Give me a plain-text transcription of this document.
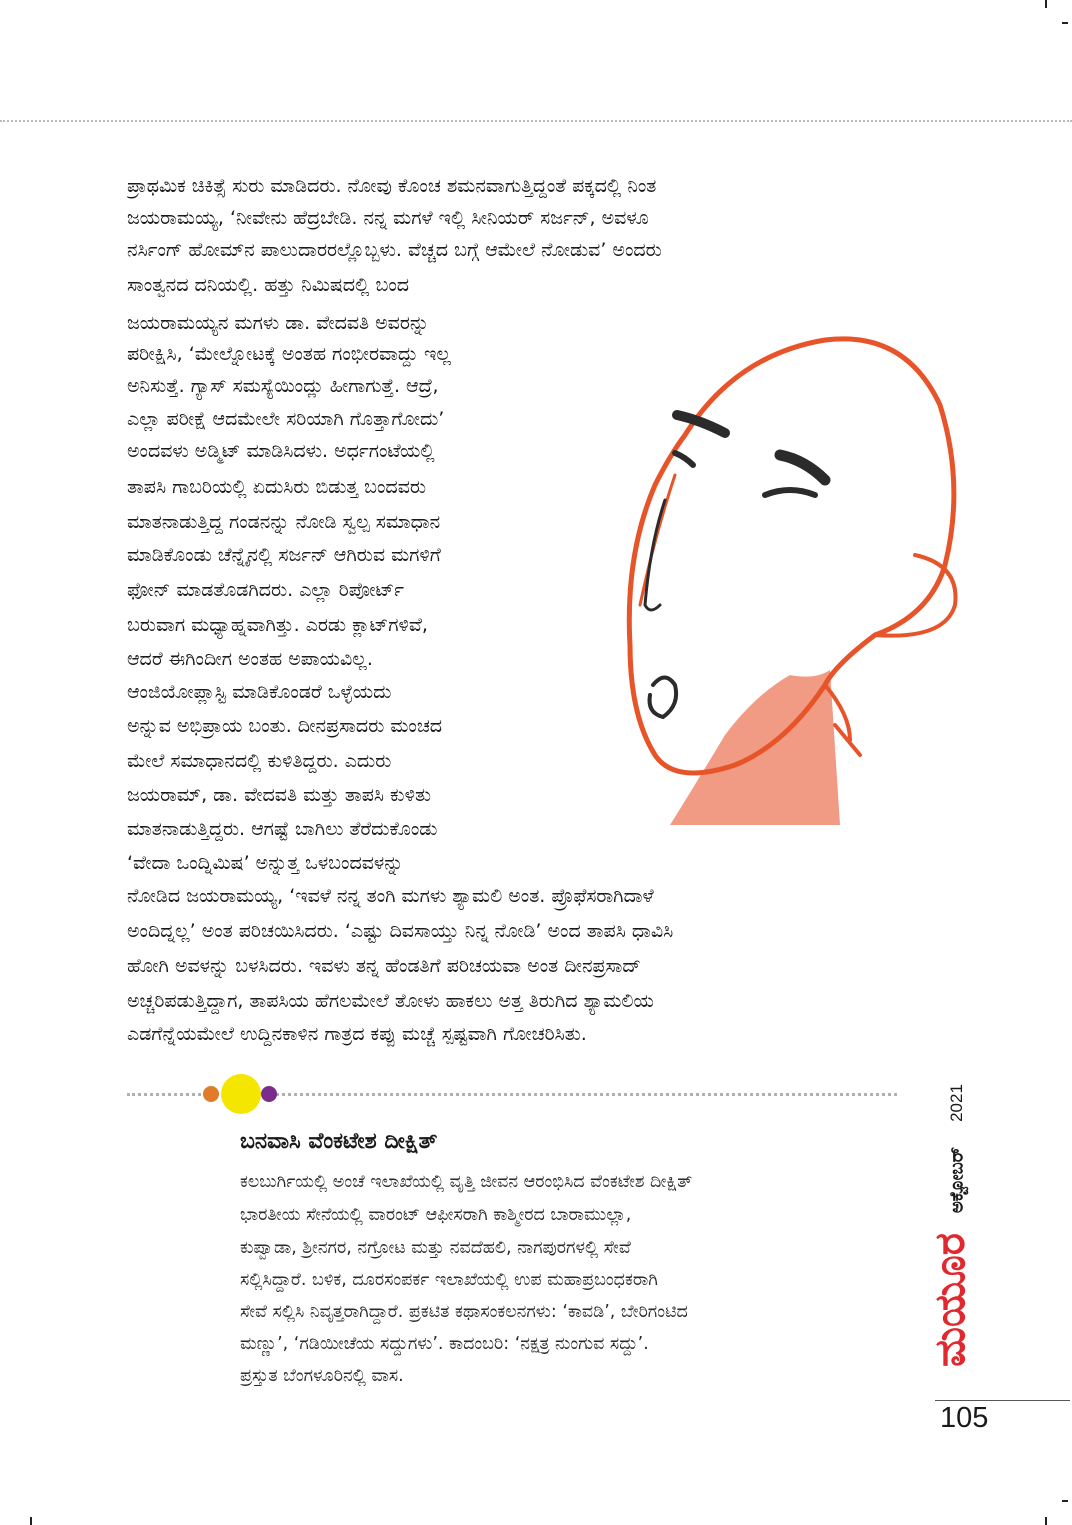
ಪ್ರಾಥಮಿಕ ಚಿಕಿತ್ಸೆ ಸುರು ಮಾಡಿದರು. ನೋವು ಕೊಂಚ ಶಮನವಾಗುತ್ತಿದ್ದಂತೆ ಪಕ್ಕದಲ್ಲಿ ನಿಂತ

ಜಯರಾಮಯ್ಯ, ‘ನೀವೇನು ಹೆದ್ರಬೇಡಿ. ನನ್ನ ಮಗಳೆ ಇಲ್ಲಿ ಸೀನಿಯರ್ ಸರ್ಜನ್, ಅವಳೂ

ನರ್ಸಿಂಗ್ ಹೋಮ್‌ನ ಪಾಲುದಾರರಲ್ಲೊಬ್ಬಳು. ವೆಚ್ಚದ ಬಗ್ಗೆ ಆಮೇಲೆ ನೋಡುವ’ ಅಂದರು

ಸಾಂತ್ವನದ ದನಿಯಲ್ಲಿ. ಹತ್ತು ನಿಮಿಷದಲ್ಲಿ ಬಂದ

ಜಯರಾಮಯ್ಯನ ಮಗಳು ಡಾ. ವೇದವತಿ ಅವರನ್ನು

ಪರೀಕ್ಷಿಸಿ, ‘ಮೇಲ್ನೋಟಕ್ಕೆ ಅಂತಹ ಗಂಭೀರವಾದ್ದು ಇಲ್ಲ

ಅನಿಸುತ್ತೆ. ಗ್ಯಾಸ್ ಸಮಸ್ಯೆಯಿಂದ್ಲು ಹೀಗಾಗುತ್ತೆ. ಆದ್ರೆ,

ಎಲ್ಲಾ ಪರೀಕ್ಷೆ ಆದಮೇಲೇ ಸರಿಯಾಗಿ ಗೊತ್ತಾಗೋದು’

ಅಂದವಳು ಅಡ್ಮಿಟ್ ಮಾಡಿಸಿದಳು. ಅರ್ಧಗಂಟೆಯಲ್ಲಿ

ತಾಪಸಿ ಗಾಬರಿಯಲ್ಲಿ ಏದುಸಿರು ಬಿಡುತ್ತ ಬಂದವರು

ಮಾತನಾಡುತ್ತಿದ್ದ ಗಂಡನನ್ನು ನೋಡಿ ಸ್ವಲ್ಪ ಸಮಾಧಾನ

ಮಾಡಿಕೊಂಡು ಚೆನ್ನೈನಲ್ಲಿ ಸರ್ಜನ್ ಆಗಿರುವ ಮಗಳಿಗೆ

ಫೋನ್ ಮಾಡತೊಡಗಿದರು. ಎಲ್ಲಾ ರಿಪೋರ್ಟ್

ಬರುವಾಗ ಮಧ್ಯಾಹ್ನವಾಗಿತ್ತು. ಎರಡು ಕ್ಲಾಟ್‌ಗಳಿವೆ,

ಆದರೆ ಈಗಿಂದೀಗ ಅಂತಹ ಅಪಾಯವಿಲ್ಲ.

ಆಂಜಿಯೋಪ್ಲಾಸ್ಟಿ ಮಾಡಿಕೊಂಡರೆ ಒಳ್ಳೆಯದು

ಅನ್ನುವ ಅಭಿಪ್ರಾಯ ಬಂತು. ದೀನಪ್ರಸಾದರು ಮಂಚದ

ಮೇಲೆ ಸಮಾಧಾನದಲ್ಲಿ ಕುಳಿತಿದ್ದರು. ಎದುರು

ಜಯರಾಮ್, ಡಾ. ವೇದವತಿ ಮತ್ತು ತಾಪಸಿ ಕುಳಿತು

ಮಾತನಾಡುತ್ತಿದ್ದರು. ಆಗಷ್ಟೆ ಬಾಗಿಲು ತೆರೆದುಕೊಂಡು

‘ವೇದಾ ಒಂದ್ನಿಮಿಷ’ ಅನ್ನುತ್ತ ಒಳಬಂದವಳನ್ನು

ನೋಡಿದ ಜಯರಾಮಯ್ಯ, ‘ಇವಳೆ ನನ್ನ ತಂಗಿ ಮಗಳು ಶ್ಯಾಮಲಿ ಅಂತ. ಪ್ರೊಫೆಸರಾಗಿದಾಳೆ

ಅಂದಿದ್ನಲ್ಲ’ ಅಂತ ಪರಿಚಯಿಸಿದರು. ‘ಎಷ್ಟು ದಿವಸಾಯ್ತು ನಿನ್ನ ನೋಡಿ’ ಅಂದ ತಾಪಸಿ ಧಾವಿಸಿ

ಹೋಗಿ ಅವಳನ್ನು ಬಳಸಿದರು. ಇವಳು ತನ್ನ ಹೆಂಡತಿಗೆ ಪರಿಚಯವಾ ಅಂತ ದೀನಪ್ರಸಾದ್

ಅಚ್ಚರಿಪಡುತ್ತಿದ್ದಾಗ, ತಾಪಸಿಯ ಹೆಗಲಮೇಲೆ ತೋಳು ಹಾಕಲು ಅತ್ತ ತಿರುಗಿದ ಶ್ಯಾಮಲಿಯ

ಎಡಗೆನ್ನೆಯಮೇಲೆ ಉದ್ದಿನಕಾಳಿನ ಗಾತ್ರದ ಕಪ್ಪು ಮಚ್ಚೆ ಸ್ಪಷ್ಟವಾಗಿ ಗೋಚರಿಸಿತು.

ಬನವಾಸಿ ವೆಂಕಟೇಶ ದೀಕ್ಷಿತ್

ಕಲಬುರ್ಗಿಯಲ್ಲಿ ಅಂಚೆ ಇಲಾಖೆಯಲ್ಲಿ ವೃತ್ತಿ ಜೀವನ ಆರಂಭಿಸಿದ ವೆಂಕಟೇಶ ದೀಕ್ಷಿತ್

ಭಾರತೀಯ ಸೇನೆಯಲ್ಲಿ ವಾರಂಟ್ ಆಫೀಸರಾಗಿ ಕಾಶ್ಮೀರದ ಬಾರಾಮುಲ್ಲಾ,

ಕುಪ್ವಾಡಾ, ಶ್ರೀನಗರ, ನಗ್ರೋಟ ಮತ್ತು ನವದೆಹಲಿ, ನಾಗಪುರಗಳಲ್ಲಿ ಸೇವೆ

ಸಲ್ಲಿಸಿದ್ದಾರೆ. ಬಳಿಕ, ದೂರಸಂಪರ್ಕ ಇಲಾಖೆಯಲ್ಲಿ ಉಪ ಮಹಾಪ್ರಬಂಧಕರಾಗಿ

ಸೇವೆ ಸಲ್ಲಿಸಿ ನಿವೃತ್ತರಾಗಿದ್ದಾರೆ. ಪ್ರಕಟಿತ ಕಥಾಸಂಕಲನಗಳು: ‘ಕಾವಡಿ’, ಬೇರಿಗಂಟಿದ

ಮಣ್ಣು’, ‘ಗಡಿಯೀಚೆಯ ಸದ್ದುಗಳು’. ಕಾದಂಬರಿ: ‘ನಕ್ಷತ್ರ ನುಂಗುವ ಸದ್ದು’.

ಪ್ರಸ್ತುತ ಬೆಂಗಳೂರಿನಲ್ಲಿ ವಾಸ.

2021
ಅಕ್ಟೋಬರ್
ಮಯೂರ

105
